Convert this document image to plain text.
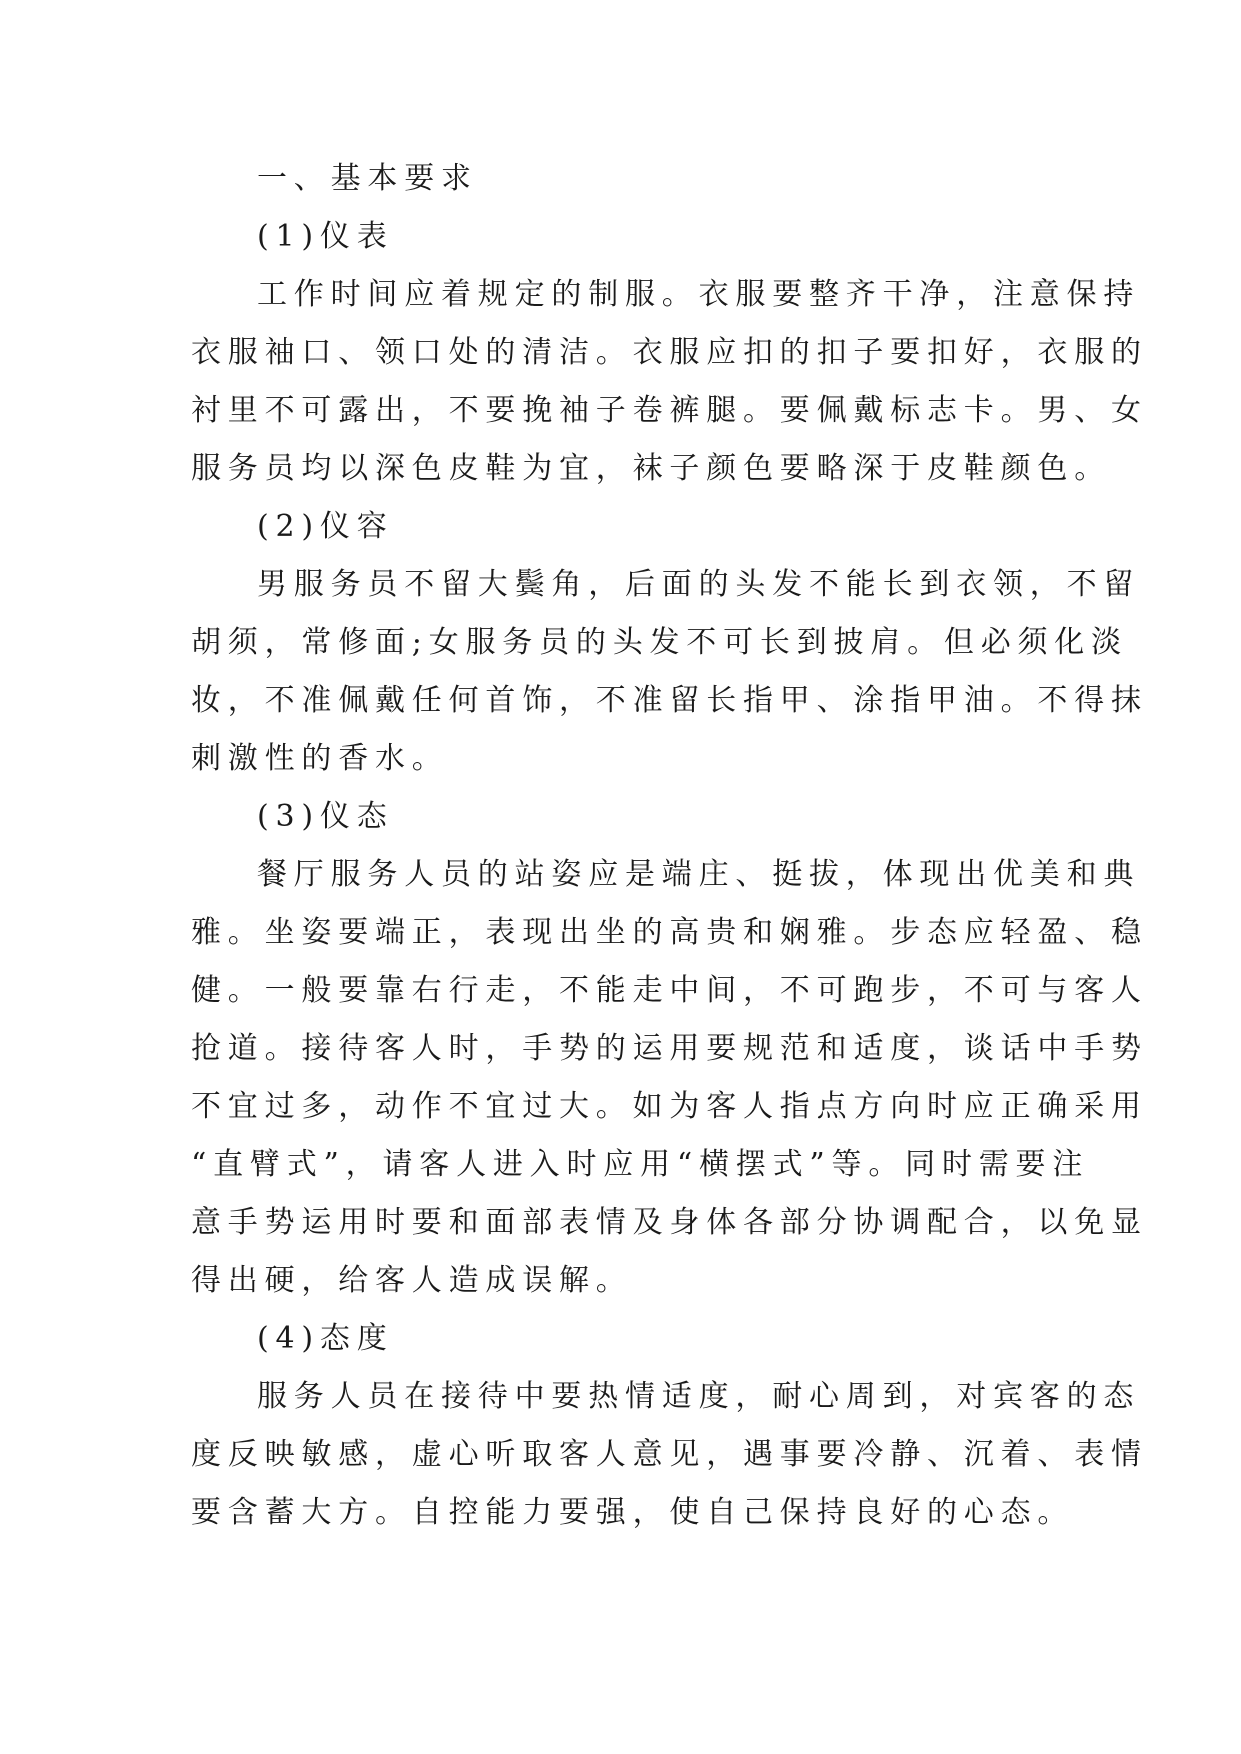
一、基本要求
(1)仪表
工作时间应着规定的制服。衣服要整齐干净，注意保持
衣服袖口、领口处的清洁。衣服应扣的扣子要扣好，衣服的
衬里不可露出，不要挽袖子卷裤腿。要佩戴标志卡。男、女
服务员均以深色皮鞋为宜，袜子颜色要略深于皮鞋颜色。
(2)仪容
男服务员不留大鬓角，后面的头发不能长到衣领，不留
胡须，常修面;女服务员的头发不可长到披肩。但必须化淡
妆，不准佩戴任何首饰，不准留长指甲、涂指甲油。不得抹
刺激性的香水。
(3)仪态
餐厅服务人员的站姿应是端庄、挺拔，体现出优美和典
雅。坐姿要端正，表现出坐的高贵和娴雅。步态应轻盈、稳
健。一般要靠右行走，不能走中间，不可跑步，不可与客人
抢道。接待客人时，手势的运用要规范和适度，谈话中手势
不宜过多，动作不宜过大。如为客人指点方向时应正确采用
“直臂式”，请客人进入时应用“横摆式”等。同时需要注
意手势运用时要和面部表情及身体各部分协调配合，以免显
得出硬，给客人造成误解。
(4)态度
服务人员在接待中要热情适度，耐心周到，对宾客的态
度反映敏感，虚心听取客人意见，遇事要冷静、沉着、表情
要含蓄大方。自控能力要强，使自己保持良好的心态。
